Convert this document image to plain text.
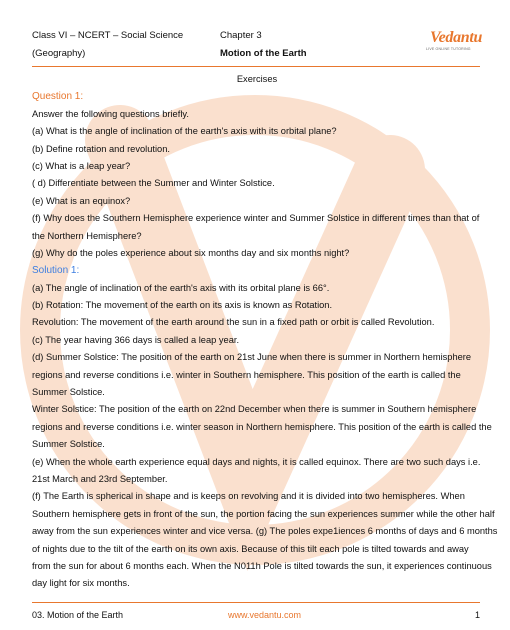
Class VI – NCERT – Social Science	Chapter 3
(Geography)	Motion of the Earth
Vedantu
LIVE ONLINE TUTORING
Exercises
Question 1:
Answer the following questions briefly.
(a) What is the angle of inclination of the earth's axis with its orbital plane?
(b) Define rotation and revolution.
(c) What is a leap year?
( d) Differentiate between the Summer and Winter Solstice.
(e) What is an equinox?
(f) Why does the Southern Hemisphere experience winter and Summer Solstice in different times than that of
the Northern Hemisphere?
(g) Why do the poles experience about six months day and six months night?
Solution 1:
(a) The angle of inclination of the earth's axis with its orbital plane is 66°.
(b) Rotation: The movement of the earth on its axis is known as Rotation.
Revolution: The movement of the earth around the sun in a fixed path or orbit is called Revolution.
(c) The year having 366 days is called a leap year.
(d) Summer Solstice: The position of the earth on 21st June when there is summer in Northern hemisphere
regions and reverse conditions i.e. winter in Southern hemisphere. This position of the earth is called the
Summer Solstice.
Winter Solstice: The position of the earth on 22nd December when there is summer in Southern hemisphere
regions and reverse conditions i.e. winter season in Northern hemisphere. This position of the earth is called the
Summer Solstice.
(e) When the whole earth experience equal days and nights, it is called equinox. There are two such days i.e.
21st March and 23rd September.
(f) The Earth is spherical in shape and is keeps on revolving and it is divided into two hemispheres. When
Southern hemisphere gets in front of the sun, the portion facing the sun experiences summer while the other half
away from the sun experiences winter and vice versa. (g) The poles expe1iences 6 months of days and 6 months
of nights due to the tilt of the earth on its own axis. Because of this tilt each pole is tilted towards and away
from the sun for about 6 months each. When the N011h Pole is tilted towards the sun, it experiences continuous
day light for six months.
03. Motion of the Earth	www.vedantu.com	1
